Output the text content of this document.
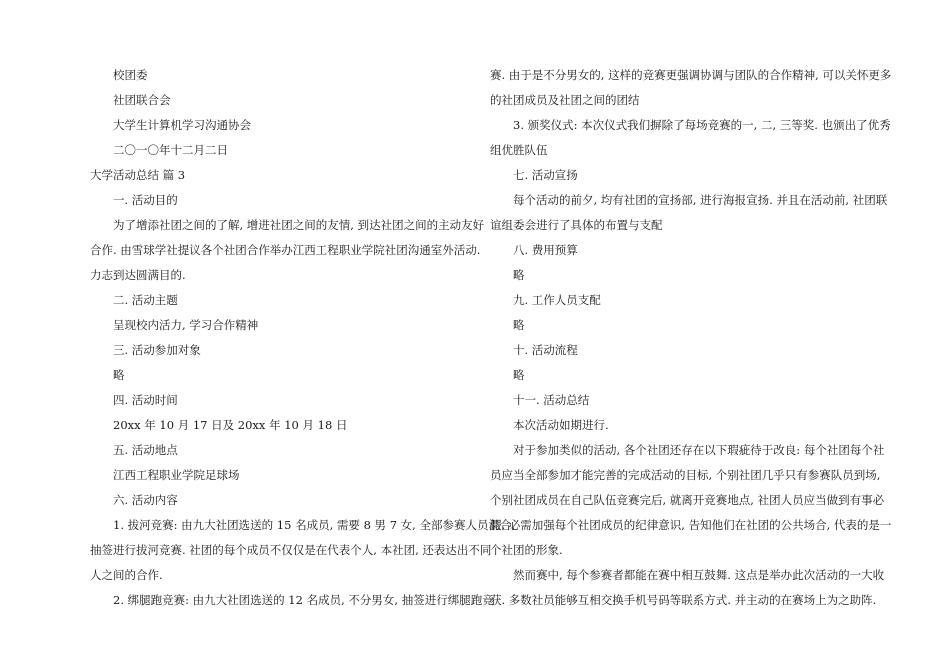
校团委
社团联合会
大学生计算机学习沟通协会
二〇一〇年十二月二日
大学活动总结 篇 3
一. 活动目的
为了增添社团之间的了解, 增进社团之间的友情, 到达社团之间的主动友好
合作. 由雪球学社提议各个社团合作举办江西工程职业学院社团沟通室外活动.
力志到达圆满目的.
二. 活动主题
呈现校内活力, 学习合作精神
三. 活动参加对象
略
四. 活动时间
20xx 年 10 月 17 日及 20xx 年 10 月 18 日
五. 活动地点
江西工程职业学院足球场
六. 活动内容
1. 拔河竞赛: 由九大社团选送的 15 名成员, 需要 8 男 7 女, 全部参赛人员混合,
抽签进行拔河竞赛. 社团的每个成员不仅仅是在代表个人, 本社团, 还表达出不同
人之间的合作.
2. 绑腿跑竞赛: 由九大社团选送的 12 名成员, 不分男女, 抽签进行绑腿跑竞
赛. 由于是不分男女的, 这样的竞赛更强调协调与团队的合作精神, 可以关怀更多
的社团成员及社团之间的团结
3. 颁奖仪式: 本次仪式我们摒除了每场竞赛的一, 二, 三等奖. 也颁出了优秀
组优胜队伍
七. 活动宣扬
每个活动的前夕, 均有社团的宣扬部, 进行海报宣扬. 并且在活动前, 社团联
谊组委会进行了具体的布置与支配
八. 费用预算
略
九. 工作人员支配
略
十. 活动流程
略
十一. 活动总结
本次活动如期进行.
对于参加类似的活动, 各个社团还存在以下瑕疵待于改良: 每个社团每个社
员应当全部参加才能完善的完成活动的目标, 个别社团几乎只有参赛队员到场,
个别社团成员在自己队伍竞赛完后, 就离开竞赛地点, 社团人员应当做到有事必
假. 必需加强每个社团成员的纪律意识, 告知他们在社团的公共场合, 代表的是一
个社团的形象.
然而赛中, 每个参赛者都能在赛中相互鼓舞. 这点是举办此次活动的一大收
获. 多数社员能够互相交换手机号码等联系方式. 并主动的在赛场上为之助阵.
